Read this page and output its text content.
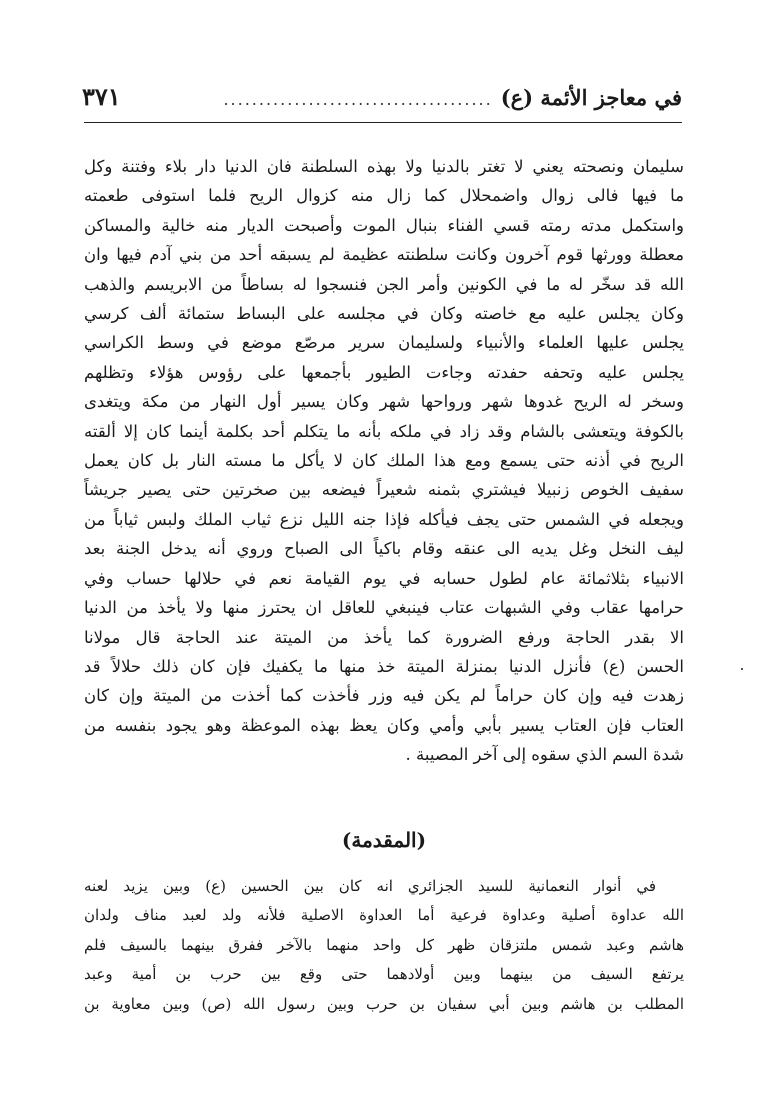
في معاجز الأئمة (ع)
......................................
٣٧١
سليمان ونصحته يعني لا تغتر بالدنيا ولا بهذه السلطنة فان الدنيا دار بلاء وفتنة وكل
ما فيها فالى زوال واضمحلال كما زال منه كزوال الريح فلما استوفى طعمته
واستكمل مدته رمته قسي الفناء بنبال الموت وأصبحت الديار منه خالية والمساكن
معطلة وورثها قوم آخرون وكانت سلطنته عظيمة لم يسبقه أحد من بني آدم فيها وان
الله قد سخّر له ما في الكونين وأمر الجن فنسجوا له بساطاً من الابريسم والذهب
وكان يجلس عليه مع خاصته وكان في مجلسه على البساط ستمائة ألف كرسي
يجلس عليها العلماء والأنبياء ولسليمان سرير مرصّع موضع في وسط الكراسي
يجلس عليه وتحفه حفدته وجاءت الطيور بأجمعها على رؤوس هؤلاء وتظلهم
وسخر له الريح غدوها شهر ورواحها شهر وكان يسير أول النهار من مكة ويتغدى
بالكوفة ويتعشى بالشام وقد زاد في ملكه بأنه ما يتكلم أحد بكلمة أينما كان إلا ألقته
الريح في أذنه حتى يسمع ومع هذا الملك كان لا يأكل ما مسته النار بل كان يعمل
سفيف الخوص زنبيلا فيشتري بثمنه شعيراً فيضعه بين صخرتين حتى يصير جريشاً
ويجعله في الشمس حتى يجف فيأكله فإذا جنه الليل نزع ثياب الملك ولبس ثياباً من
ليف النخل وغل يديه الى عنقه وقام باكياً الى الصباح وروي أنه يدخل الجنة بعد
الانبياء بثلاثمائة عام لطول حسابه في يوم القيامة نعم في حلالها حساب وفي
حرامها عقاب وفي الشبهات عتاب فينبغي للعاقل ان يحترز منها ولا يأخذ من الدنيا
الا بقدر الحاجة ورفع الضرورة كما يأخذ من الميتة عند الحاجة قال مولانا
الحسن (ع) فأنزل الدنيا بمنزلة الميتة خذ منها ما يكفيك فإن كان ذلك حلالاً قد
زهدت فيه وإن كان حراماً لم يكن فيه وزر فأخذت كما أخذت من الميتة وإن كان
العتاب فإن العتاب يسير بأبي وأمي وكان يعظ بهذه الموعظة وهو يجود بنفسه من
شدة السم الذي سقوه إلى آخر المصيبة .
(المقدمة)
في أنوار النعمانية للسيد الجزائري انه كان بين الحسين (ع) وبين يزيد لعنه
الله عداوة أصلية وعداوة فرعية أما العداوة الاصلية فلأنه ولد لعبد مناف ولدان
هاشم وعبد شمس ملتزقان ظهر كل واحد منهما بالآخر ففرق بينهما بالسيف فلم
يرتفع السيف من بينهما وبين أولادهما حتى وقع بين حرب بن أمية وعبد
المطلب بن هاشم وبين أبي سفيان بن حرب وبين رسول الله (ص) وبين معاوية بن
